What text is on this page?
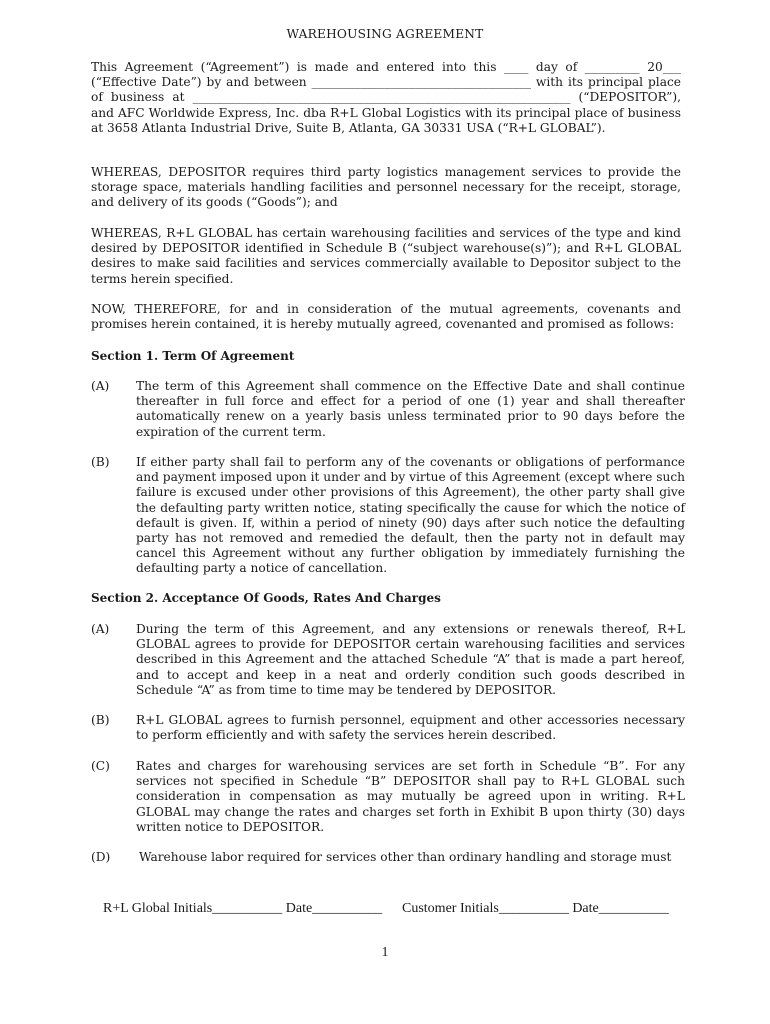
WAREHOUSING AGREEMENT

This Agreement (“Agreement”) is made and entered into this ____ day of _________ 20___ (“Effective Date”) by and between ____________________________________ with its principal place of business at ______________________________________________________________ (“DEPOSITOR”), and AFC Worldwide Express, Inc. dba R+L Global Logistics with its principal place of business at 3658 Atlanta Industrial Drive, Suite B, Atlanta, GA 30331 USA (“R+L GLOBAL”).

WHEREAS, DEPOSITOR requires third party logistics management services to provide the storage space, materials handling facilities and personnel necessary for the receipt, storage, and delivery of its goods (“Goods”); and

WHEREAS, R+L GLOBAL has certain warehousing facilities and services of the type and kind desired by DEPOSITOR identified in Schedule B (“subject warehouse(s)”); and R+L GLOBAL desires to make said facilities and services commercially available to Depositor subject to the terms herein specified.

NOW, THEREFORE, for and in consideration of the mutual agreements, covenants and promises herein contained, it is hereby mutually agreed, covenanted and promised as follows:

Section 1. Term Of Agreement
(A) The term of this Agreement shall commence on the Effective Date and shall continue thereafter in full force and effect for a period of one (1) year and shall thereafter automatically renew on a yearly basis unless terminated prior to 90 days before the expiration of the current term.
(B) If either party shall fail to perform any of the covenants or obligations of performance and payment imposed upon it under and by virtue of this Agreement (except where such failure is excused under other provisions of this Agreement), the other party shall give the defaulting party written notice, stating specifically the cause for which the notice of default is given. If, within a period of ninety (90) days after such notice the defaulting party has not removed and remedied the default, then the party not in default may cancel this Agreement without any further obligation by immediately furnishing the defaulting party a notice of cancellation.
Section 2. Acceptance Of Goods, Rates And Charges
(A) During the term of this Agreement, and any extensions or renewals thereof, R+L GLOBAL agrees to provide for DEPOSITOR certain warehousing facilities and services described in this Agreement and the attached Schedule “A” that is made a part hereof, and to accept and keep in a neat and orderly condition such goods described in Schedule “A” as from time to time may be tendered by DEPOSITOR.
(B) R+L GLOBAL agrees to furnish personnel, equipment and other accessories necessary to perform efficiently and with safety the services herein described.
(C) Rates and charges for warehousing services are set forth in Schedule “B”. For any services not specified in Schedule “B” DEPOSITOR shall pay to R+L GLOBAL such consideration in compensation as may mutually be agreed upon in writing. R+L GLOBAL may change the rates and charges set forth in Exhibit B upon thirty (30) days written notice to DEPOSITOR.
(D) Warehouse labor required for services other than ordinary handling and storage must
R+L Global Initials__________ Date__________ Customer Initials__________ Date__________
1
